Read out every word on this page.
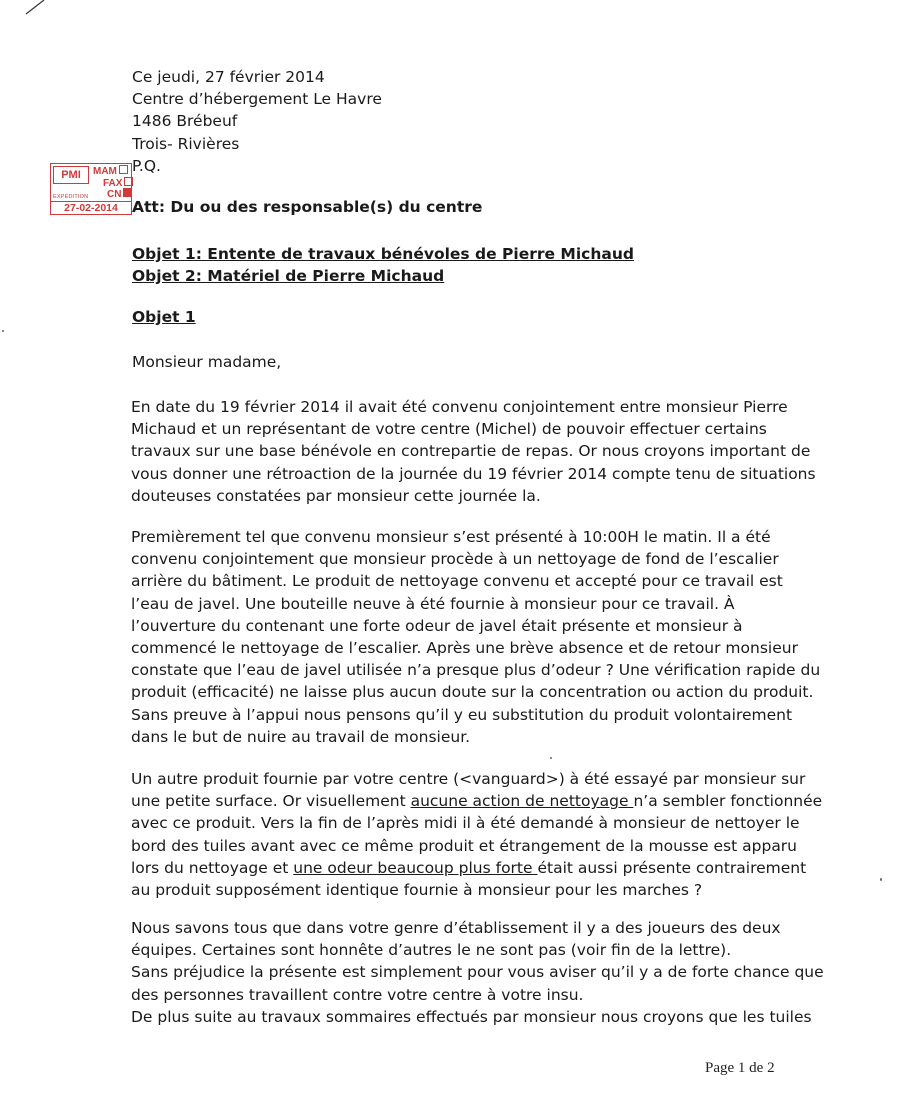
Ce jeudi, 27 février 2014
Centre d’hébergement Le Havre
1486 Brébeuf
Trois- Rivières
P.Q.
PMI	MAM
FAX
CN
EXPÉDITION
27-02-2014 Att: Du ou des responsable(s) du centre
Objet 1: Entente de travaux bénévoles de Pierre Michaud
Objet 2: Matériel de Pierre Michaud
Objet 1
Monsieur madame,
En date du 19 février 2014 il avait été convenu conjointement entre monsieur Pierre
Michaud et un représentant de votre centre (Michel) de pouvoir effectuer certains
travaux sur une base bénévole en contrepartie de repas. Or nous croyons important de
vous donner une rétroaction de la journée du 19 février 2014 compte tenu de situations
douteuses constatées par monsieur cette journée la.
Premièrement tel que convenu monsieur s’est présenté à 10:00H le matin. Il a été
convenu conjointement que monsieur procède à un nettoyage de fond de l’escalier
arrière du bâtiment. Le produit de nettoyage convenu et accepté pour ce travail est
l’eau de javel. Une bouteille neuve à été fournie à monsieur pour ce travail. À
l’ouverture du contenant une forte odeur de javel était présente et monsieur à
commencé le nettoyage de l’escalier. Après une brève absence et de retour monsieur
constate que l’eau de javel utilisée n’a presque plus d’odeur ? Une vérification rapide du
produit (efficacité) ne laisse plus aucun doute sur la concentration ou action du produit.
Sans preuve à l’appui nous pensons qu’il y eu substitution du produit volontairement
dans le but de nuire au travail de monsieur.
Un autre produit fournie par votre centre (<vanguard>) à été essayé par monsieur sur
une petite surface. Or visuellement aucune action de nettoyage n’a sembler fonctionnée
avec ce produit. Vers la fin de l’après midi il à été demandé à monsieur de nettoyer le
bord des tuiles avant avec ce même produit et étrangement de la mousse est apparu
lors du nettoyage et une odeur beaucoup plus forte était aussi présente contrairement
au produit supposément identique fournie à monsieur pour les marches ?
Nous savons tous que dans votre genre d’établissement il y a des joueurs des deux
équipes. Certaines sont honnête d’autres le ne sont pas (voir fin de la lettre).
Sans préjudice la présente est simplement pour vous aviser qu’il y a de forte chance que
des personnes travaillent contre votre centre à votre insu.
De plus suite au travaux sommaires effectués par monsieur nous croyons que les tuiles
Page 1 de 2
